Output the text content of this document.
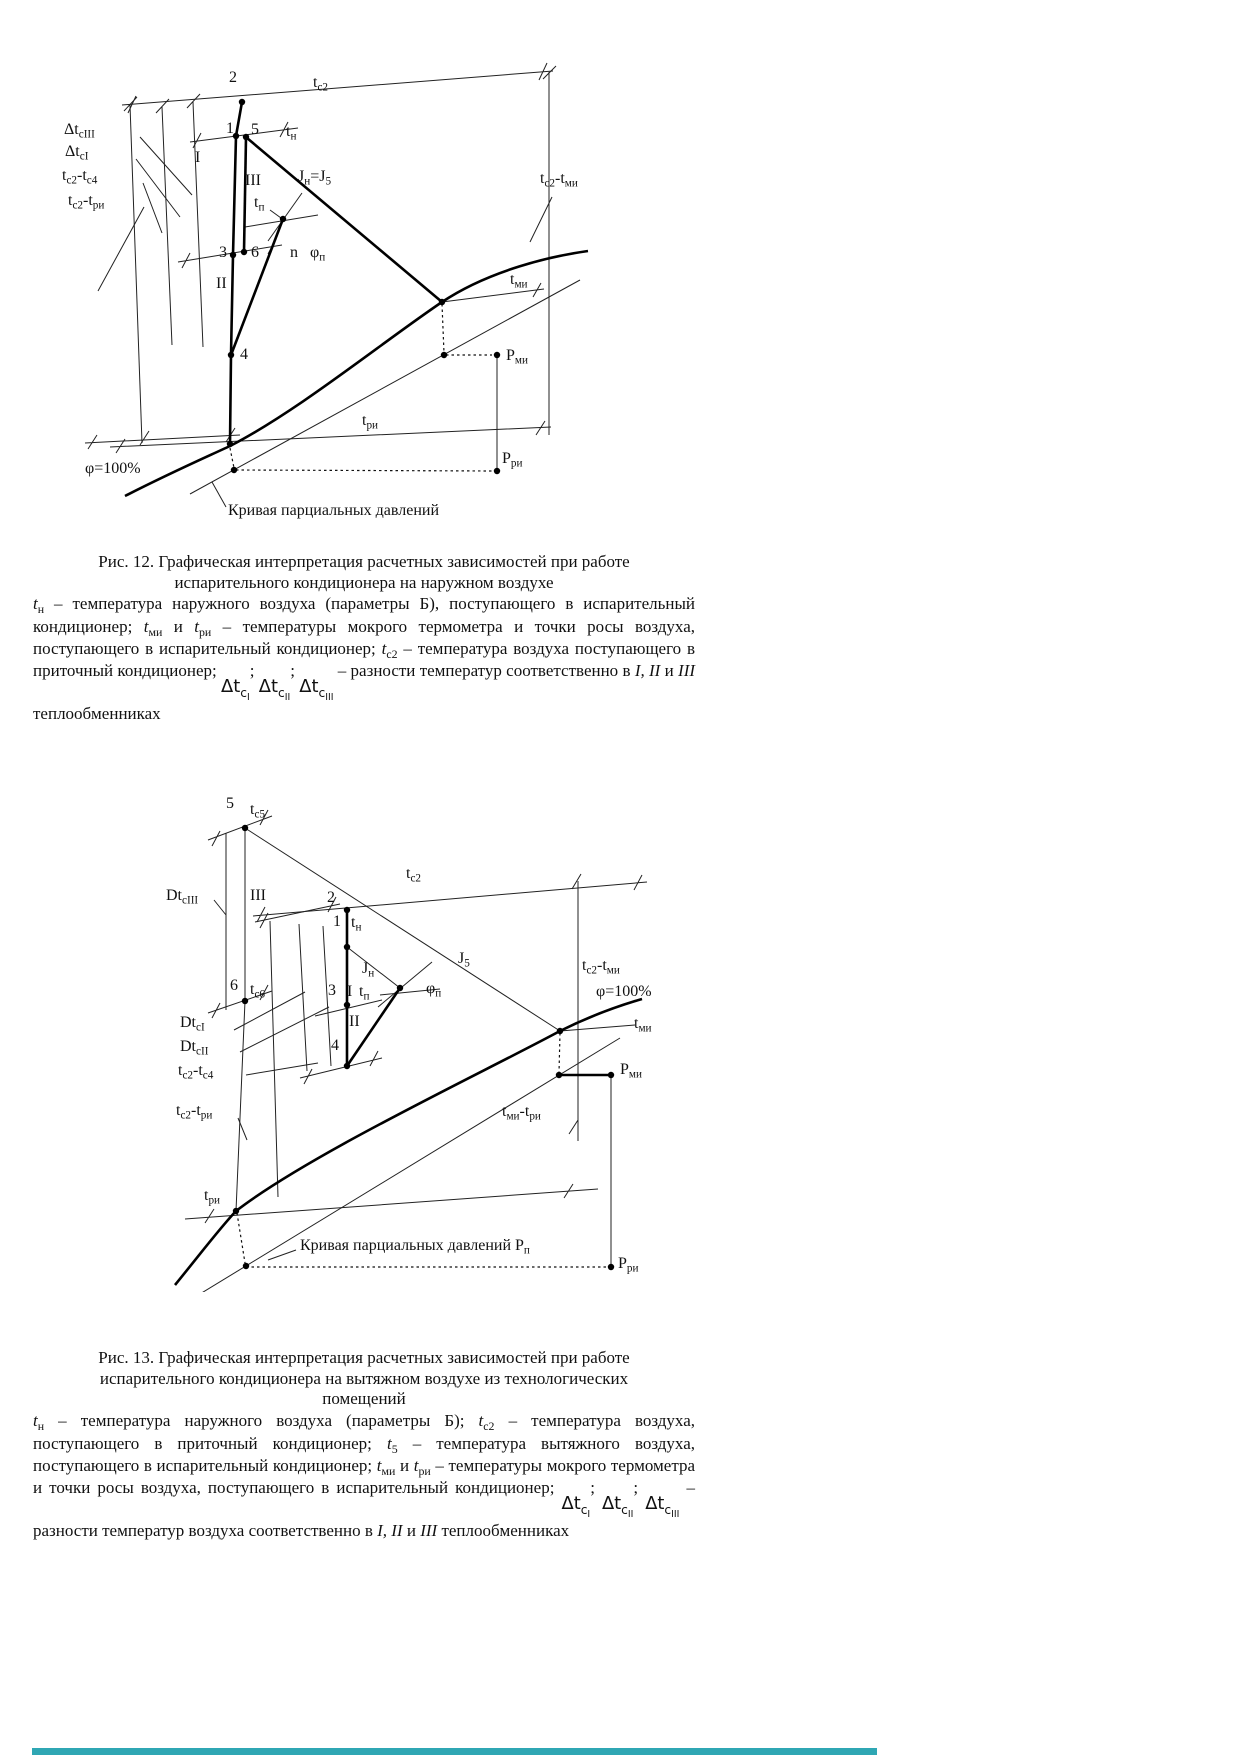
2	$t_{с2}$
$\Delta t_{сIII}$
$\Delta t_{сI}$
$t_{с2}-t_{с4}$
$t_{с2}-t_{ри}$
1 5 $t_н$
I
III $J_н=J_5$
$t_п$
3 6 n $\varphi_п$
II
4
$t_{с2}-t_{ми}$
$t_{ми}$
$P_{ми}$
$t_{ри}$
φ=100%
$P_{ри}$
Кривая парциальных давлений
Рис. 12. Графическая интерпретация расчетных зависимостей при работе
испарительного кондиционера на наружном воздухе
$t_н$ – температура наружного воздуха (параметры Б), поступающего в испарительный кондиционер; $t_{ми}$ и $t_{ри}$ – температуры мокрого термометра и точки росы воздуха, поступающего в испарительный кондиционер; $t_{с2}$ – температура воздуха поступающего в приточный кондиционер; ΔtсI; ΔtсII; ΔtсIII – разности температур соответственно в I, II и III теплообменниках
5 $t_{с5}$
$Dt_{сIII}$	III
$t_{с2}$
2
1 $t_н$
$J_н$
$J_5$
6 $t_{с6}$	3 I $t_п$	$\varphi_п$
II
4
$Dt_{сI}$
$Dt_{сII}$
$t_{с2}-t_{с4}$
$t_{с2}-t_{ри}$
$t_{с2}-t_{ми}$
φ=100%
$t_{ми}$
$P_{ми}$
$t_{ми}-t_{ри}$
$t_{ри}$
Кривая парциальных давлений $P_п$
$P_{ри}$
Рис. 13. Графическая интерпретация расчетных зависимостей при работе
испарительного кондиционера на вытяжном воздухе из технологических
помещений
$t_н$ – температура наружного воздуха (параметры Б); $t_{с2}$ – температура воздуха, поступающего в приточный кондиционер; $t_5$ – температура вытяжного воздуха, поступающего в испарительный кондиционер; $t_{ми}$ и $t_{ри}$ – температуры мокрого термометра и точки росы воздуха, поступающего в испарительный кондиционер; ΔtсI; ΔtсII; ΔtсIII – разности температур воздуха соответственно в I, II и III теплообменниках
